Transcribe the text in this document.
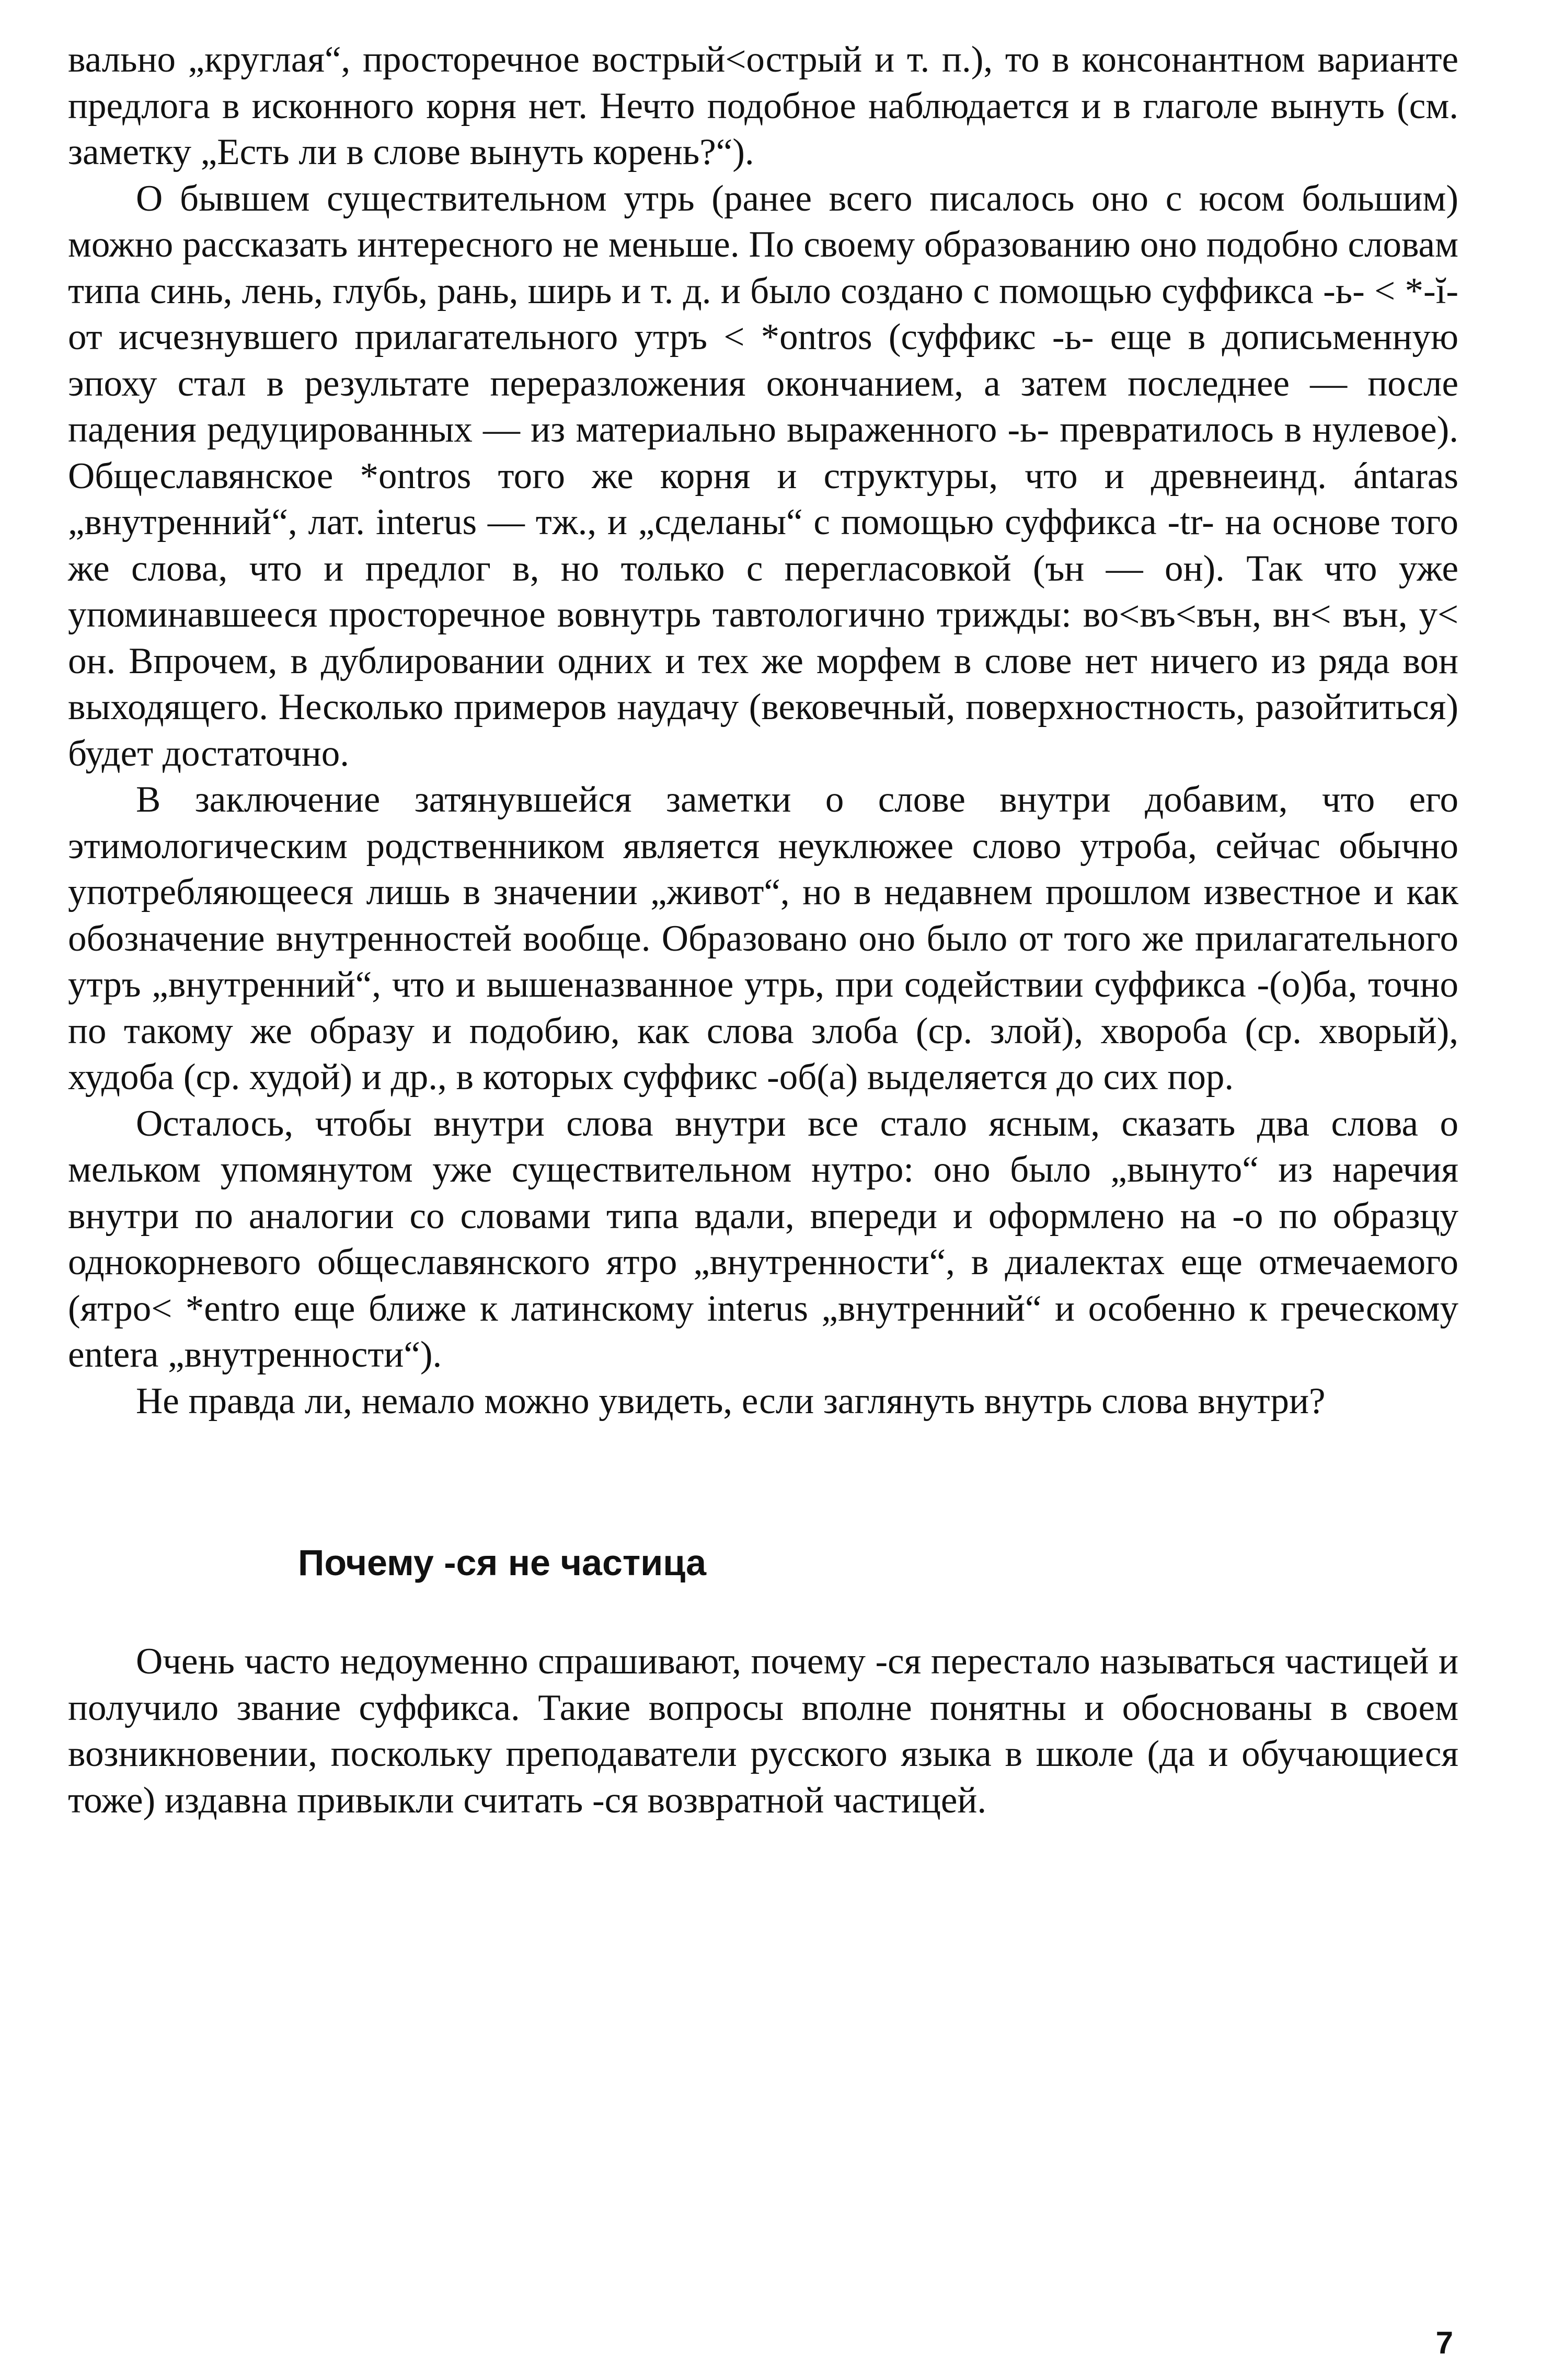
вально „круглая“, просторечное вострый<острый и т. п.), то в консонантном варианте предлога в исконного корня нет. Нечто подобное наблюдается и в глаголе вынуть (см. заметку „Есть ли в слове вынуть корень?“).

О бывшем существительном утрь (ранее всего писалось оно с юсом большим) можно рассказать интересного не меньше. По своему образованию оно подобно словам типа синь, лень, глубь, рань, ширь и т. д. и было создано с помощью суффикса -ь- < *-ĭ- от исчезнувшего прилагательного утръ < *ontros (суффикс -ь- еще в дописьменную эпоху стал в результате переразложения окончанием, а затем последнее — после падения редуцированных — из материально выраженного -ь- превратилось в нулевое). Общеславянское *ontros того же корня и структуры, что и древнеинд. ántaras „внутренний“, лат. interus — тж., и „сделаны“ с помощью суффикса -tr- на основе того же слова, что и предлог в, но только с перегласовкой (ън — он). Так что уже упоминавшееся просторечное вовнутрь тавтологично трижды: во<въ<вън, вн< вън, у< он. Впрочем, в дублировании одних и тех же морфем в слове нет ничего из ряда вон выходящего. Несколько примеров наудачу (вековечный, поверхностность, разойтиться) будет достаточно.

В заключение затянувшейся заметки о слове внутри добавим, что его этимологическим родственником является неуклюжее слово утроба, сейчас обычно употребляющееся лишь в значении „живот“, но в недавнем прошлом известное и как обозначение внутренностей вообще. Образовано оно было от того же прилагательного утръ „внутренний“, что и вышеназванное утрь, при содействии суффикса -(о)ба, точно по такому же образу и подобию, как слова злоба (ср. злой), хвороба (ср. хворый), худоба (ср. худой) и др., в которых суффикс -об(а) выделяется до сих пор.

Осталось, чтобы внутри слова внутри все стало ясным, сказать два слова о мельком упомянутом уже существительном нутро: оно было „вынуто“ из наречия внутри по аналогии со словами типа вдали, впереди и оформлено на -о по образцу однокорневого общеславянского ятро „внутренности“, в диалектах еще отмечаемого (ятро< *entro еще ближе к латинскому interus „внутренний“ и особенно к греческому entera „внутренности“).

Не правда ли, немало можно увидеть, если заглянуть внутрь слова внутри?

Почему -ся не частица

Очень часто недоуменно спрашивают, почему -ся перестало называться частицей и получило звание суффикса. Такие вопросы вполне понятны и обоснованы в своем возникновении, поскольку преподаватели русского языка в школе (да и обучающиеся тоже) издавна привыкли считать -ся возвратной частицей.

7
